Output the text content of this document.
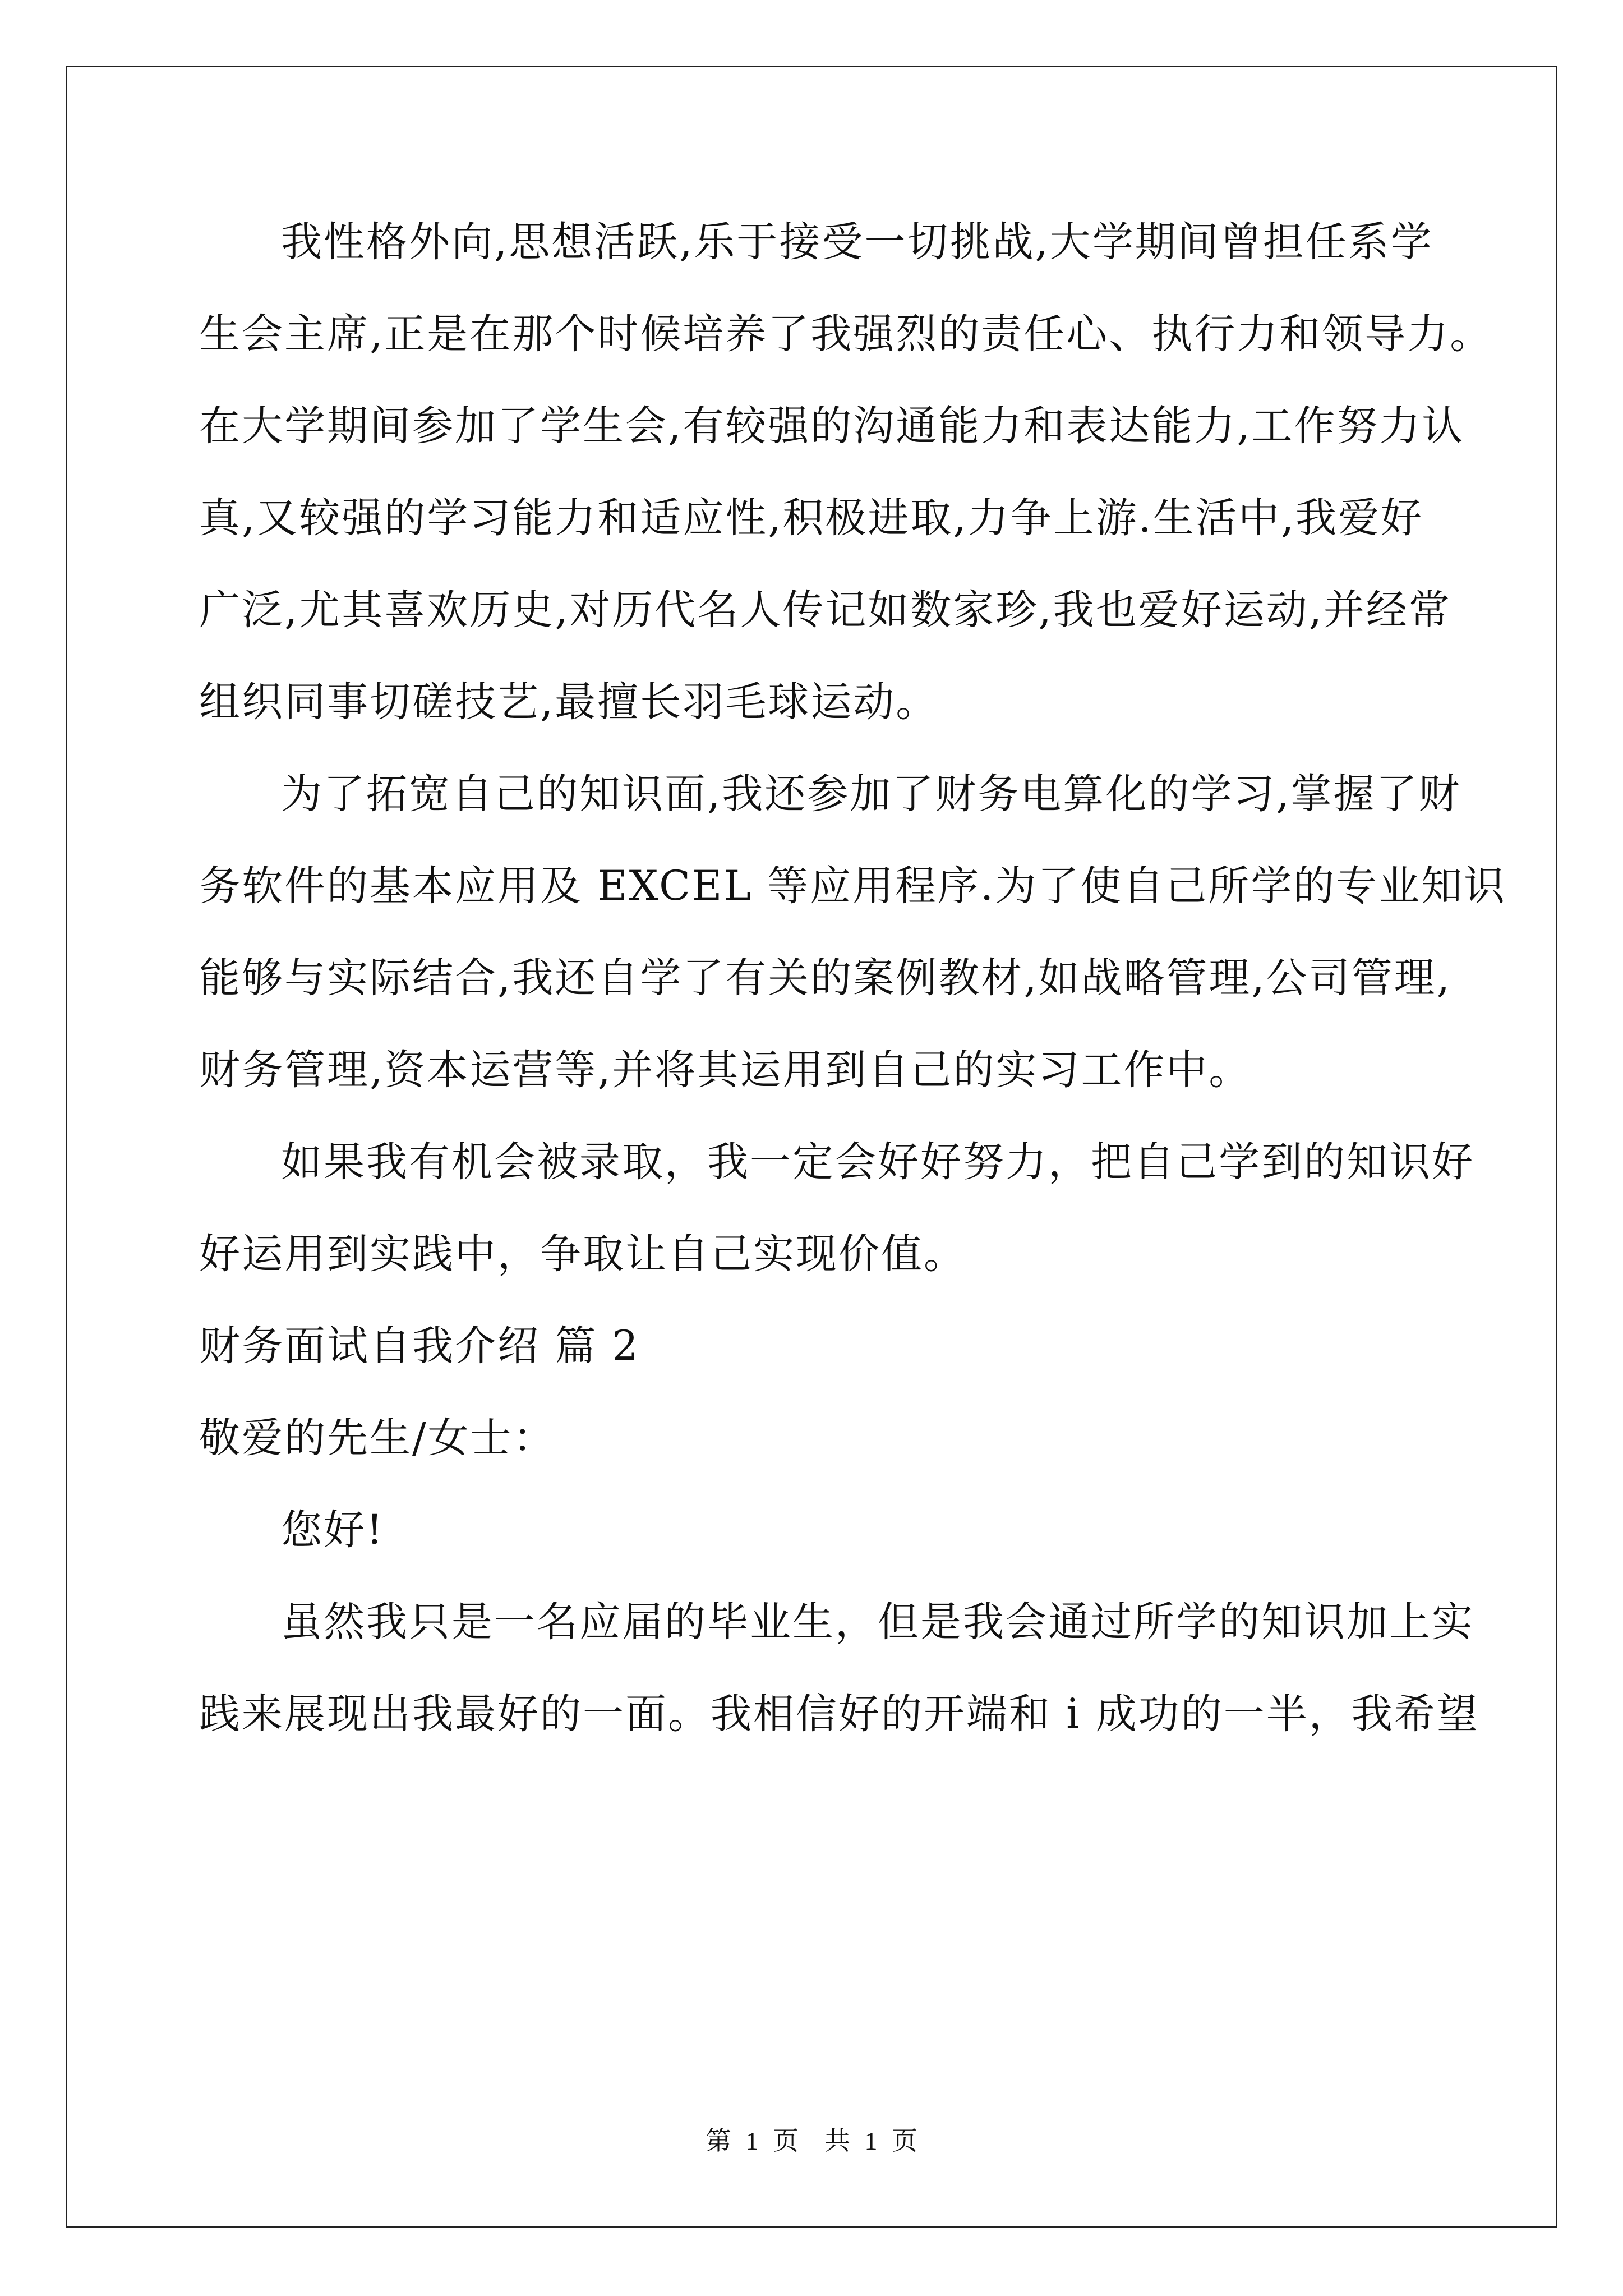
我性格外向,思想活跃,乐于接受一切挑战,大学期间曾担任系学
生会主席,正是在那个时候培养了我强烈的责任心、执行力和领导力。
在大学期间参加了学生会,有较强的沟通能力和表达能力,工作努力认
真,又较强的学习能力和适应性,积极进取,力争上游.生活中,我爱好
广泛,尤其喜欢历史,对历代名人传记如数家珍,我也爱好运动,并经常
组织同事切磋技艺,最擅长羽毛球运动。
为了拓宽自己的知识面,我还参加了财务电算化的学习,掌握了财
务软件的基本应用及 EXCEL 等应用程序.为了使自己所学的专业知识
能够与实际结合,我还自学了有关的案例教材,如战略管理,公司管理,
财务管理,资本运营等,并将其运用到自己的实习工作中。
如果我有机会被录取，我一定会好好努力，把自己学到的知识好
好运用到实践中，争取让自己实现价值。
财务面试自我介绍 篇 2
敬爱的先生/女士：
您好!
虽然我只是一名应届的毕业生，但是我会通过所学的知识加上实
践来展现出我最好的一面。我相信好的开端和 i 成功的一半，我希望
第 1 页　共 1 页
